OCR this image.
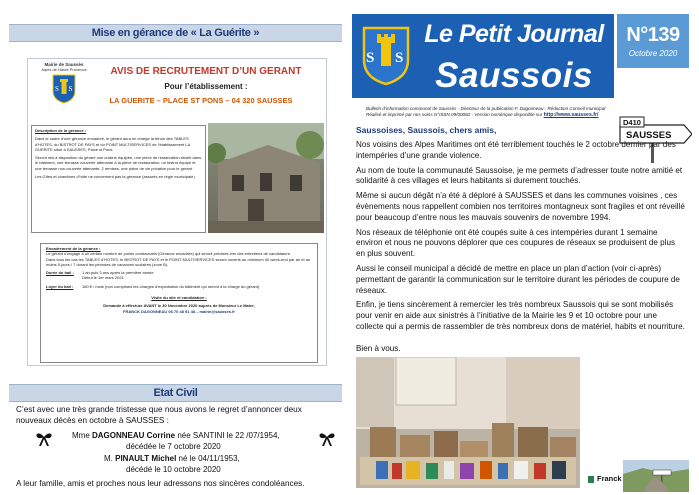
Mise en gérance de « La Guérite »
Mairie de Saussès
Alpes de Haute Provence
S S
AVIS DE RECRUTEMENT D’UN GERANT
Pour l’établissement :
LA GUERITE – PLACE ST PONS – 04 320 SAUSSES
Description de la gérance :
Dans le cadre d’une gérance encadrée, le gérant aura en charge la tenue des TABLES d’HOTES, du BISTROT DE PAYS et du POINT MULTISERVICES de l’établissement LA GUERITE situé à SAUSSES, Place st Pons.
Seront mis à disposition du gérant une cuisine équipée, une pièce de restauration située dans le bâtiment, une terrasse couverte attenante à la pièce de restauration, un bistrot équipé et une terrasse non couverte attenante, 2 remises, une pièce de vie privative pour le gérant.
Les Gîtes et chambres d’hôte ne concernent pas la gérance (assurés en régie municipale).
Encadrement de la gérance :
Le gérant s’engage à un certain nombre de points contractuels (Gérance encadrée) qui seront précisés lors des entretiens de candidature.
Dans tous les cas les TABLES d’HOTES, le BISTROT DE PAYS et le POINT MULTISERVICES seront ouverts au minimum 40 week-end par an et au moins 5 jours / 7 durant les périodes de vacances scolaires (zone B).
Durée du bail :	1 an puis 3 ans après la première année
Début le 1er mars 2021
Loyer du bail :	180 € / mois (non comprises les charges d’exploitation du bâtiment qui seront à la charge du gérant)
Visite du site et candidature :
Demande à effectuer AVANT le 30 Novembre 2020 auprès de Monsieur Le Maire,
FRANCK DAGONNEAU 06 70 48 91 48 – mairie@sausses.fr
Etat Civil
C’est avec une très grande tristesse que nous avons le regret d’annoncer deux nouveaux décès en octobre à SAUSSES :
Mme DAGONNEAU Corrine née SANTINI le 22 /07/1954,
décédée le 7 octobre 2020
M. PINAULT Michel né le 04/11/1953,
décédé le 10 octobre 2020
A leur famille, amis et proches nous leur adressons nos sincères condoléances.
S S
Le Petit Journal
Saussois
N°139
Octobre 2020
Bulletin d’information communal de Saussès - Directeur de la publication F. Dagonneau - Rédaction Conseil municipal
Réalisé et imprimé par nos soins N°ISSN 09/00082 - Version numérique disponible sur http://www.sausses.fr/
Saussoises, Saussois, chers amis,
D410
SAUSSES

Nos voisins des Alpes Maritimes ont été terriblement touchés le 2 octobre dernier par des intempéries d’une grande violence.

Au nom de toute la communauté Saussoise, je me permets d’adresser toute notre amitié et solidarité à ces villages et leurs habitants si durement touchés.

Même si aucun dégât n’a été à déploré à SAUSSES et dans les communes voisines , ces évènements nous rappellent combien nos territoires montagneux sont fragiles et ont réveillé pour beaucoup d’entre nous les mauvais souvenirs de novembre 1994.

Nos réseaux de téléphonie ont été coupés suite à ces intempéries durant 1 semaine environ et nous ne pouvons déplorer que ces coupures de réseaux se produisent de plus en plus souvent.

Aussi le conseil municipal a décidé de mettre en place un plan d’action (voir ci-après) permettant de garantir la communication sur le territoire durant les périodes de coupure de réseaux.

Enfin, je tiens sincèrement à remercier les très nombreux Saussois qui se sont mobilisés pour venir en aide aux sinistrés à l’initiative de la Mairie les 9 et 10 octobre pour une collecte qui a permis de rassembler de très nombreux dons de matériel, habits et nourriture.

Bien à vous.
Franck
